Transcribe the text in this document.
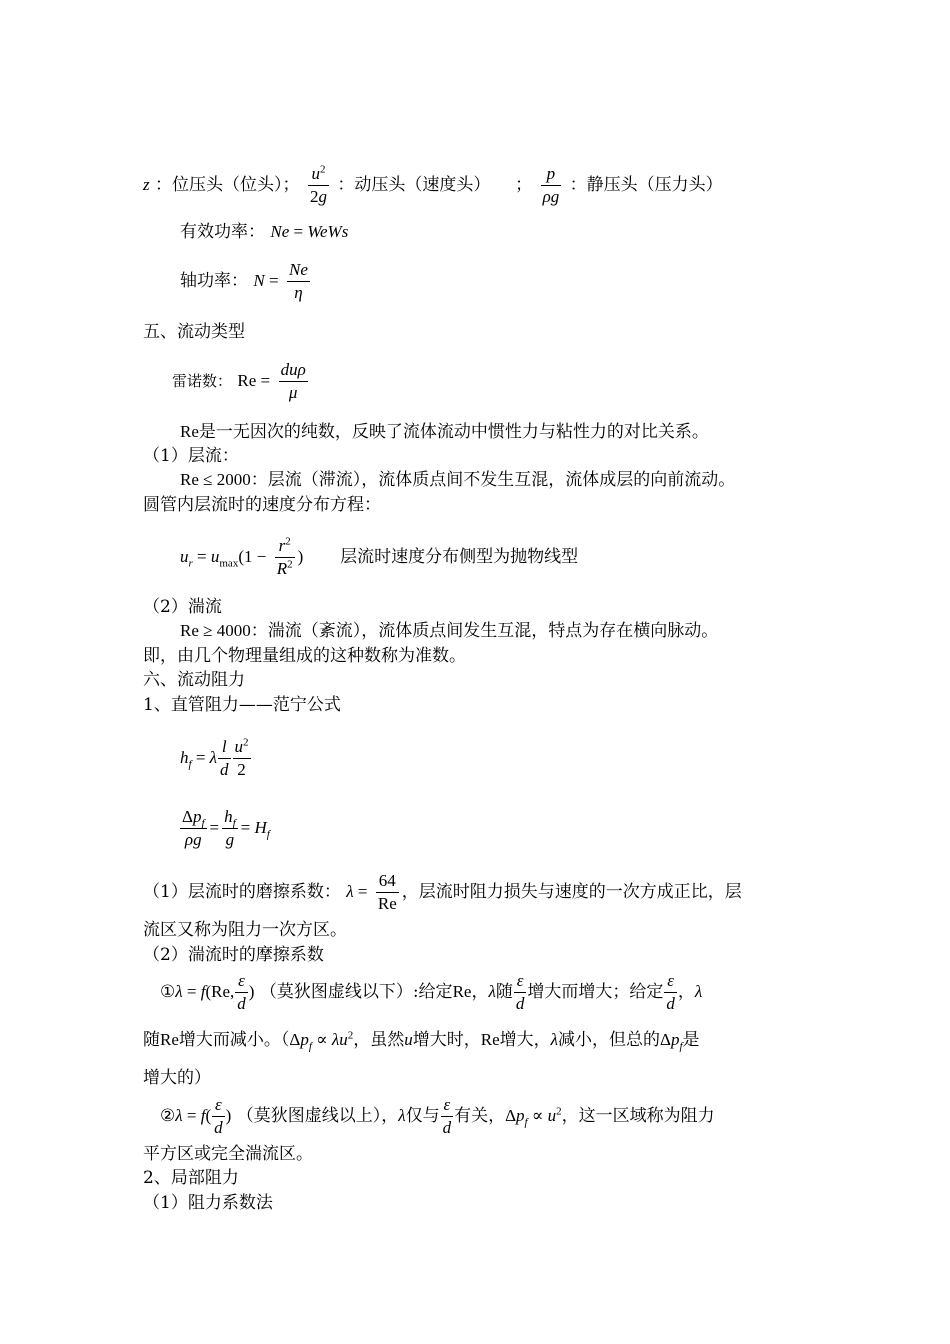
z ：位压头（位头）； $\frac{u^2}{2g}$ ：动压头（速度头） ； $\frac{p}{\rho g}$ ：静压头（压力头）
有效功率： Ne = WeWs
轴功率： $N = \frac{Ne}{\eta}$
五、流动类型
雷诺数： $Re = \frac{\text{duρ}}{\mu}$
Re是一无因次的纯数，反映了流体流动中惯性力与粘性力的对比关系。
（1）层流：
Re ≤ 2000：层流（滞流），流体质点间不发生互混，流体成层的向前流动。
圆管内层流时的速度分布方程：
$u_r = u_{max}(1 - \frac{r^2}{R^2}$ ) 层流时速度分布侧型为抛物线型
（2）湍流
Re ≥ 4000：湍流（紊流），流体质点间发生互混，特点为存在横向脉动。
即，由几个物理量组成的这种数称为准数。
六、流动阻力
1、直管阻力——范宁公式
$h_f = \lambda \frac{l}{d} \frac{u^2}{2}$
$\frac{\Delta p_f}{\rho g} = \frac{h_f}{g} = H_f$
（1）层流时的磨擦系数： $\lambda = \frac{64}{Re}$ ，层流时阻力损失与速度的一次方成正比，层
流区又称为阻力一次方区。
（2）湍流时的摩擦系数
①λ = f(Re, $\frac{\varepsilon}{d}$ ) （莫狄图虚线以下）:给定Re，λ随 $\frac{\varepsilon}{d}$ 增大而增大；给定 $\frac{\varepsilon}{d}$ ，λ
随Re增大而减小。（$\Delta p_f \propto \lambda u^2$，虽然u增大时，Re增大，λ减小，但总的$\Delta p_f$是
增大的）
②λ = $f( \frac{\varepsilon}{d}$ ) （莫狄图虚线以上），λ仅与 $\frac{\varepsilon}{d}$ 有关，$\Delta p_f \propto u^2$，这一区域称为阻力
平方区或完全湍流区。
2、局部阻力
（1）阻力系数法
